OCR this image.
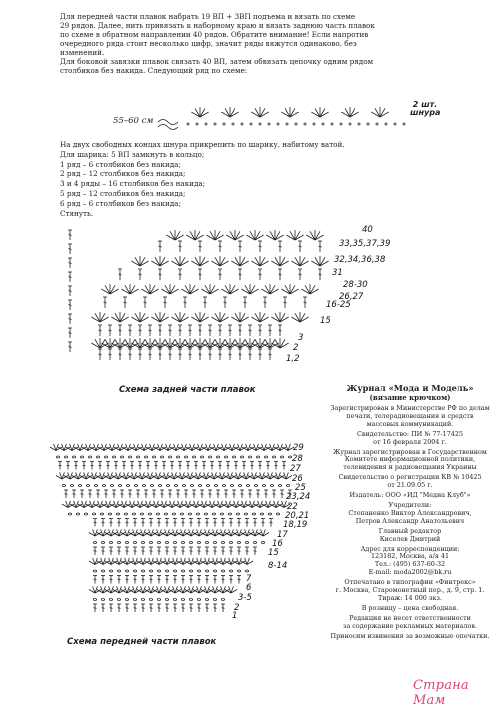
Для передней части плавок набрать 19 ВП + 3ВП подъема и вязать по схеме

29 рядов. Далее, нить привязать к наборному краю и вязать заднюю часть плавок

по схеме в обратном направлении 40 рядов. Обратите внимание! Если напротив

очередного ряда стоит несколько цифр, значит ряды вяжутся одинаково, без

изменений.

Для боковой завязки плавок связать 40 ВП, затем обвязать цепочку одним рядом

столбиков без накида. Следующий ряд по схеме:

55–60 см
2 шт.
шнура

На двух свободных концах шнура прикрепить по шарику, набитому ватой.

Для шарика: 5 ВП замкнуть в кольцо;

1 ряд – 6 столбиков без накида;

2 ряд – 12 столбиков без накида;

3 и 4 ряды – 16 столбиков без накида;

5 ряд – 12 столбиков без накида;

6 ряд – 6 столбиков без накида;

Стянуть.

40
33,35,37,39
32,34,36,38
31
28-30
26,27
16-25
15
3
2
1,2
Схема задней части плавок
29
28
27
26
25
23,24
22
20,21
18,19
17
16
15
8-14
7
6
3-5
2
1
Схема передней части плавок
Журнал «Мода и Модель»
(вязание крючком)
Зарегистрирован в Министерстве РФ по делам
печати, телерадиовещания и средств
массовых коммуникаций.
Свидетельство: ПИ № 77-17425
от 16 февраля 2004 г.
Журнал зарегистрирован в Государственном
Комитете информационной политики,
телевидения и радиовещания Украины
Свидетельство о регистрации КВ № 10425
от 21.09.05 г.
Издатель: ООО «ИД "Медиа Клуб"»
Учредители:
Степаненко Виктор Александрович,
Петров Александр Анатольевич
Главный редактор
Киселев Дмитрий
Адрес для корреспонденции:
123182, Москва, а/я 41
Тел.: (495) 637-60-32
E-mail: moda2002@bk.ru
Отпечатано в типографии «Финтрекс»
г. Москва, Старомонетный пер., д. 9, стр. 1.
Тираж: 14 000 экз.
В розницу – цена свободная.
Редакция не несет ответственности
за содержание рекламных материалов.
Приносим извинения за возможные опечатки.
Страна Мам
